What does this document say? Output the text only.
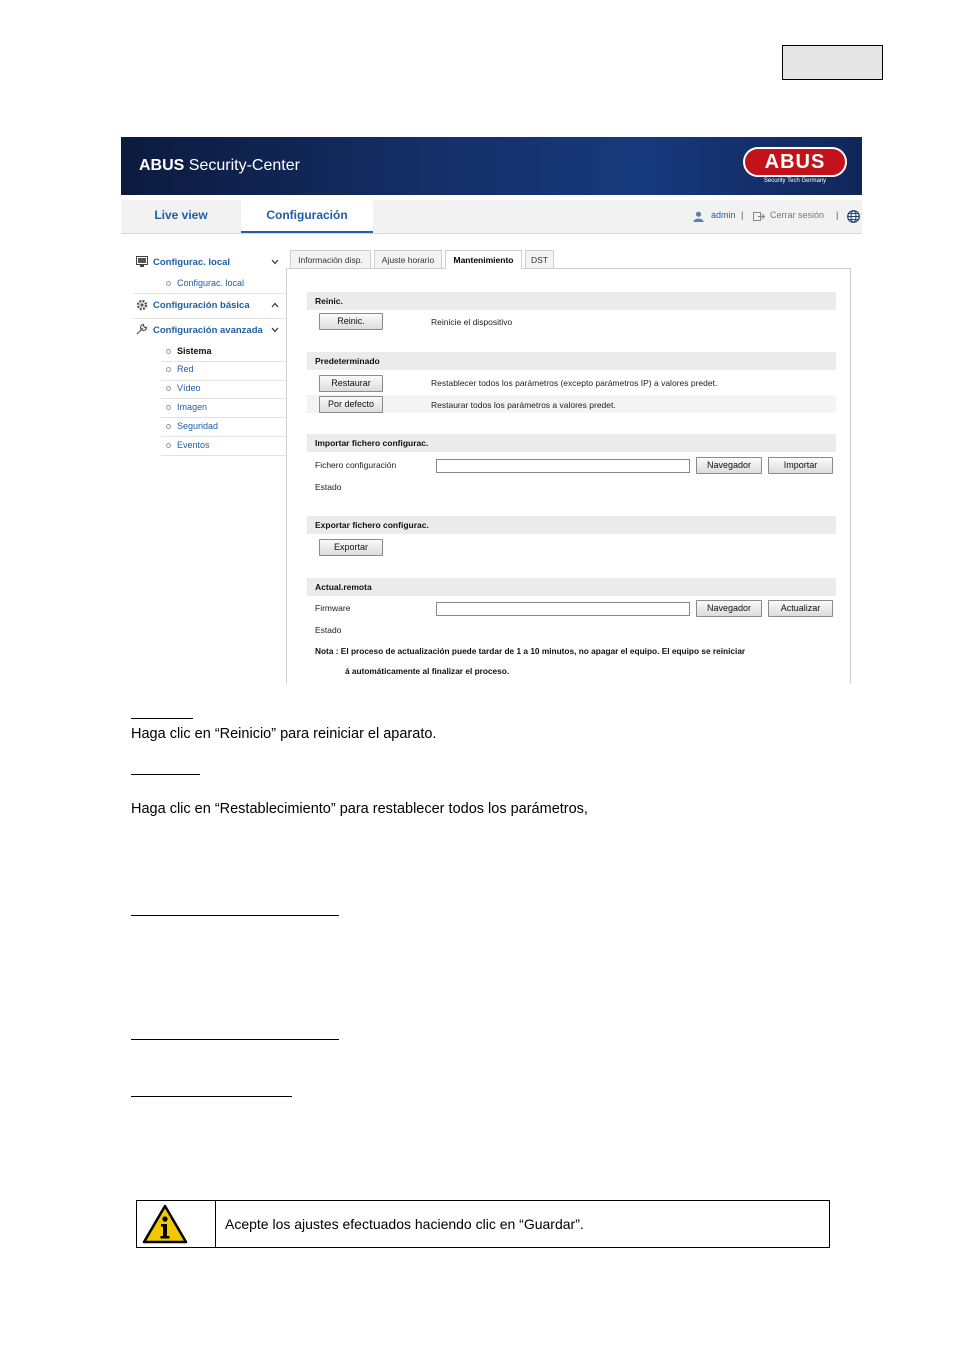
ABUS Security-Center	ABUS
Security Tech Germany
Live view	Configuración	admin |	Cerrar sesión |
Configurac. local
Configurac. local
Configuración básica
Configuración avanzada
Sistema
Red
Vídeo
Imagen
Seguridad
Eventos
Información disp.	Ajuste horario	Mantenimiento	DST
Reinic.
Reinic.	Reinicie el dispositivo
Predeterminado
Restaurar	Restablecer todos los parámetros (excepto parámetros IP) a valores predet.
Por defecto	Restaurar todos los parámetros a valores predet.
Importar fichero configurac.
Fichero configuración	Navegador	Importar
Estado
Exportar fichero configurac.
Exportar
Actual.remota
Firmware	Navegador	Actualizar
Estado
Nota : El proceso de actualización puede tardar de 1 a 10 minutos, no apagar el equipo. El equipo se reiniciar
á automáticamente al finalizar el proceso.
Haga clic en “Reinicio” para reiniciar el aparato.
Haga clic en “Restablecimiento” para restablecer todos los parámetros,
Acepte los ajustes efectuados haciendo clic en “Guardar”.
